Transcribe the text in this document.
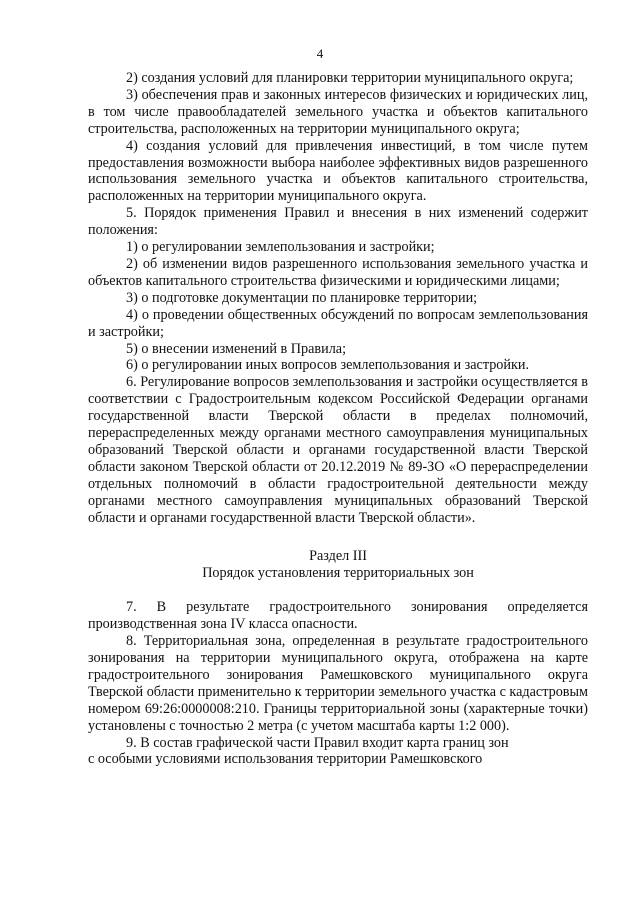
4

2) создания условий для планировки территории муниципального округа;

3) обеспечения прав и законных интересов физических и юридических лиц, в том числе правообладателей земельного участка и объектов капитального строительства, расположенных на территории муниципального округа;

4) создания условий для привлечения инвестиций, в том числе путем предоставления возможности выбора наиболее эффективных видов разрешенного использования земельного участка и объектов капитального строительства, расположенных на территории муниципального округа.

5. Порядок применения Правил и внесения в них изменений содержит положения:

1) о регулировании землепользования и застройки;

2) об изменении видов разрешенного использования земельного участка и объектов капитального строительства физическими и юридическими лицами;

3) о подготовке документации по планировке территории;

4) о проведении общественных обсуждений по вопросам землепользования и застройки;

5) о внесении изменений в Правила;

6) о регулировании иных вопросов землепользования и застройки.

6. Регулирование вопросов землепользования и застройки осуществляется в соответствии с Градостроительным кодексом Российской Федерации органами государственной власти Тверской области в пределах полномочий, перераспределенных между органами местного самоуправления муниципальных образований Тверской области и органами государственной власти Тверской области законом Тверской области от 20.12.2019 № 89-ЗО «О перераспределении отдельных полномочий в области градостроительной деятельности между органами местного самоуправления муниципальных образований Тверской области и органами государственной власти Тверской области».

Раздел III

Порядок установления территориальных зон

7. В результате градостроительного зонирования определяется производственная зона IV класса опасности.

8. Территориальная зона, определенная в результате градостроительного зонирования на территории муниципального округа, отображена на карте градостроительного зонирования Рамешковского муниципального округа Тверской области применительно к территории земельного участка с кадастровым номером 69:26:0000008:210. Границы территориальной зоны (характерные точки) установлены с точностью 2 метра (с учетом масштаба карты 1:2 000).

9. В состав графической части Правил входит карта границ зон

с особыми условиями использования территории Рамешковского
